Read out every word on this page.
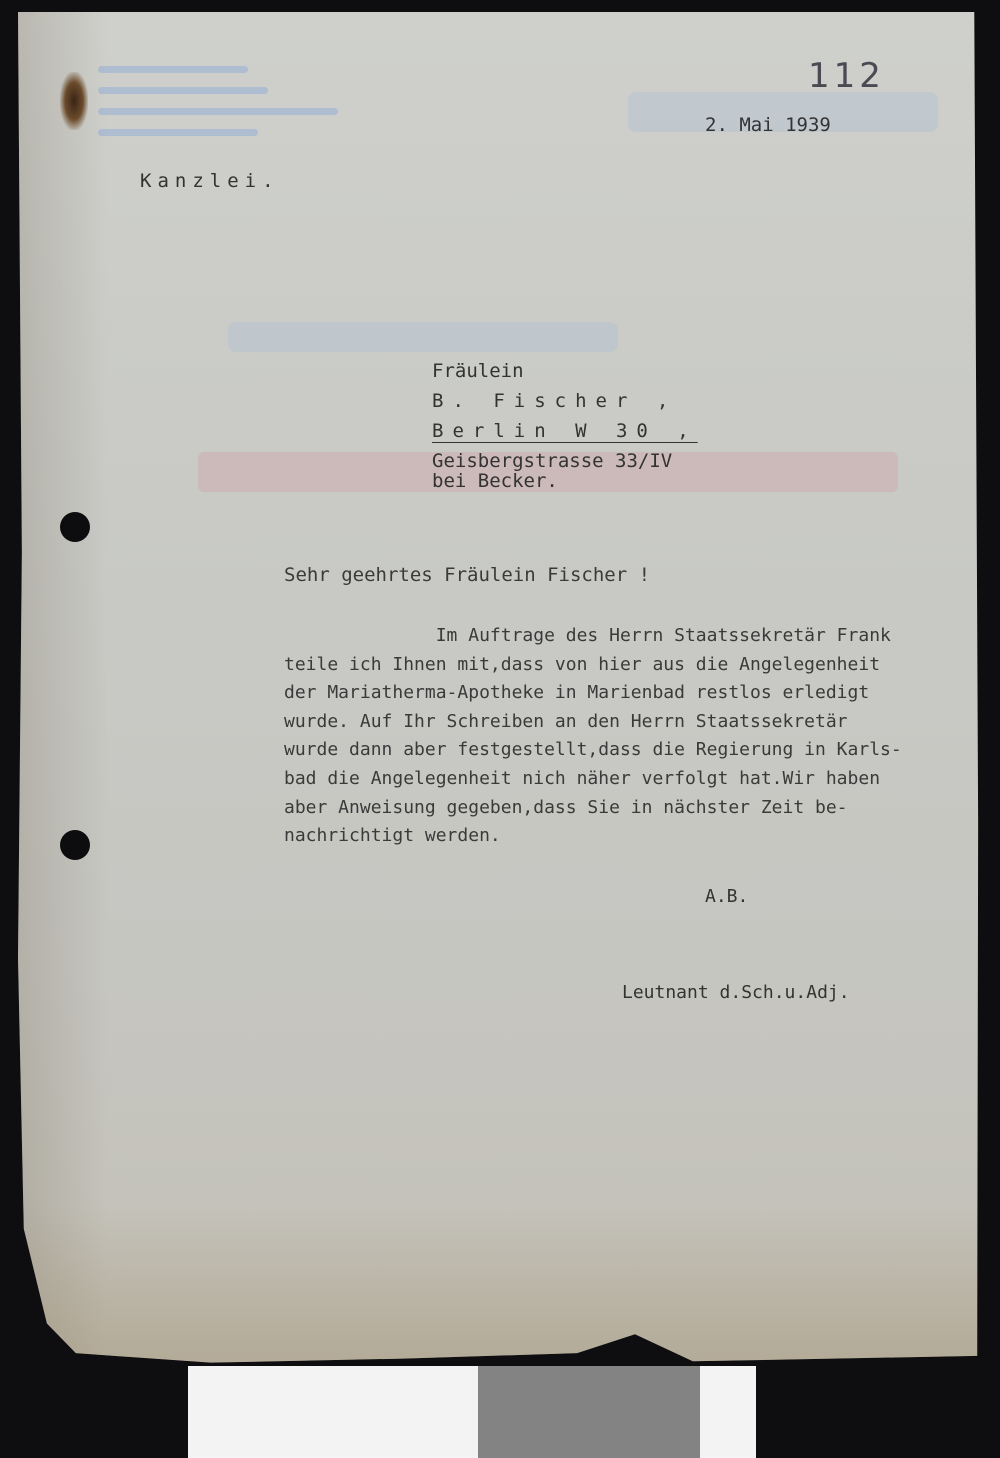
112
2. Mai 1939
Kanzlei.
Fräulein
B. Fischer ,
Berlin W 30 ,
Geisbergstrasse 33/IV
bei Becker.
Sehr geehrtes Fräulein Fischer !
Im Auftrage des Herrn Staatssekretär Frank
teile ich Ihnen mit,dass von hier aus die Angelegenheit
der Mariatherma-Apotheke in Marienbad restlos erledigt
wurde. Auf Ihr Schreiben an den Herrn Staatssekretär
wurde dann aber festgestellt,dass die Regierung in Karls-
bad die Angelegenheit nich näher verfolgt hat.Wir haben
aber Anweisung gegeben,dass Sie in nächster Zeit be-
nachrichtigt werden.
A.B.
Leutnant d.Sch.u.Adj.
